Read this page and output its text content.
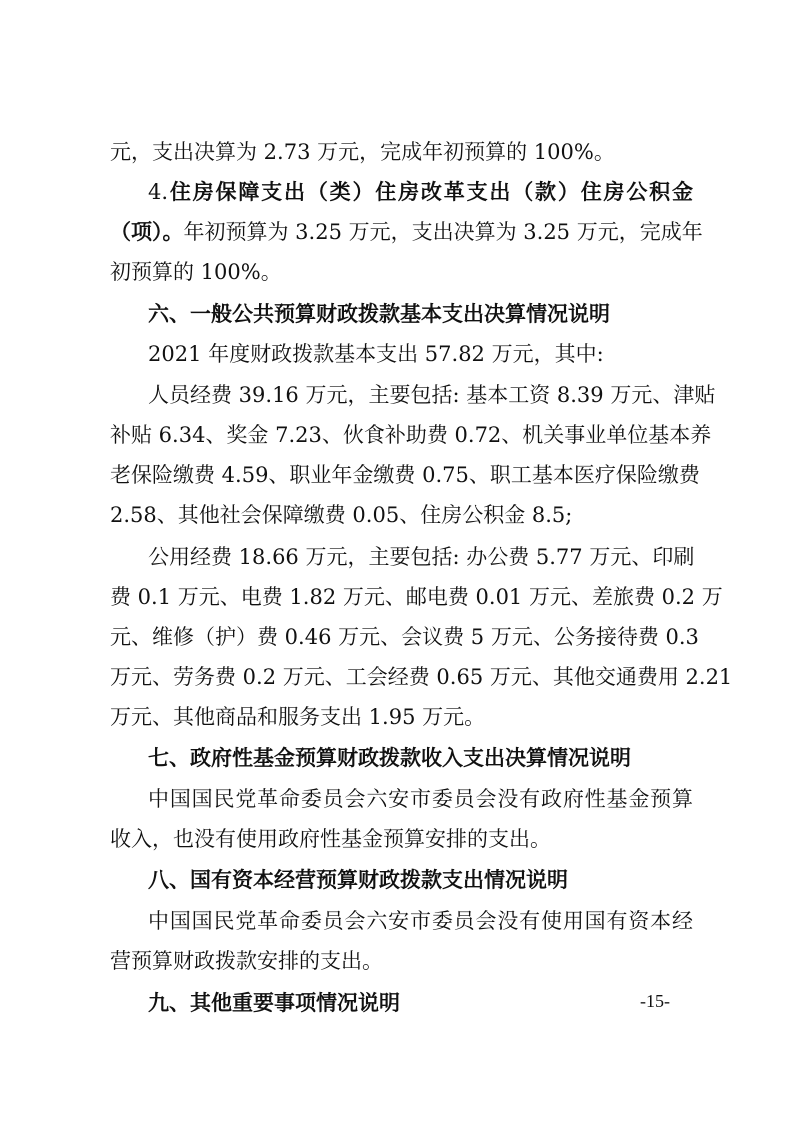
元，支出决算为 2.73 万元，完成年初预算的 100%。
4.住房保障支出（类）住房改革支出（款）住房公积金
（项）。年初预算为 3.25 万元，支出决算为 3.25 万元，完成年
初预算的 100%。
六、一般公共预算财政拨款基本支出决算情况说明
2021 年度财政拨款基本支出 57.82 万元，其中:
人员经费 39.16 万元，主要包括: 基本工资 8.39 万元、津贴
补贴 6.34、奖金 7.23、伙食补助费 0.72、机关事业单位基本养
老保险缴费 4.59、职业年金缴费 0.75、职工基本医疗保险缴费
2.58、其他社会保障缴费 0.05、住房公积金 8.5;
公用经费 18.66 万元，主要包括: 办公费 5.77 万元、印刷
费 0.1 万元、电费 1.82 万元、邮电费 0.01 万元、差旅费 0.2 万
元、维修（护）费 0.46 万元、会议费 5 万元、公务接待费 0.3
万元、劳务费 0.2 万元、工会经费 0.65 万元、其他交通费用 2.21
万元、其他商品和服务支出 1.95 万元。
七、政府性基金预算财政拨款收入支出决算情况说明
中国国民党革命委员会六安市委员会没有政府性基金预算
收入，也没有使用政府性基金预算安排的支出。
八、国有资本经营预算财政拨款支出情况说明
中国国民党革命委员会六安市委员会没有使用国有资本经
营预算财政拨款安排的支出。
九、其他重要事项情况说明	-15-
